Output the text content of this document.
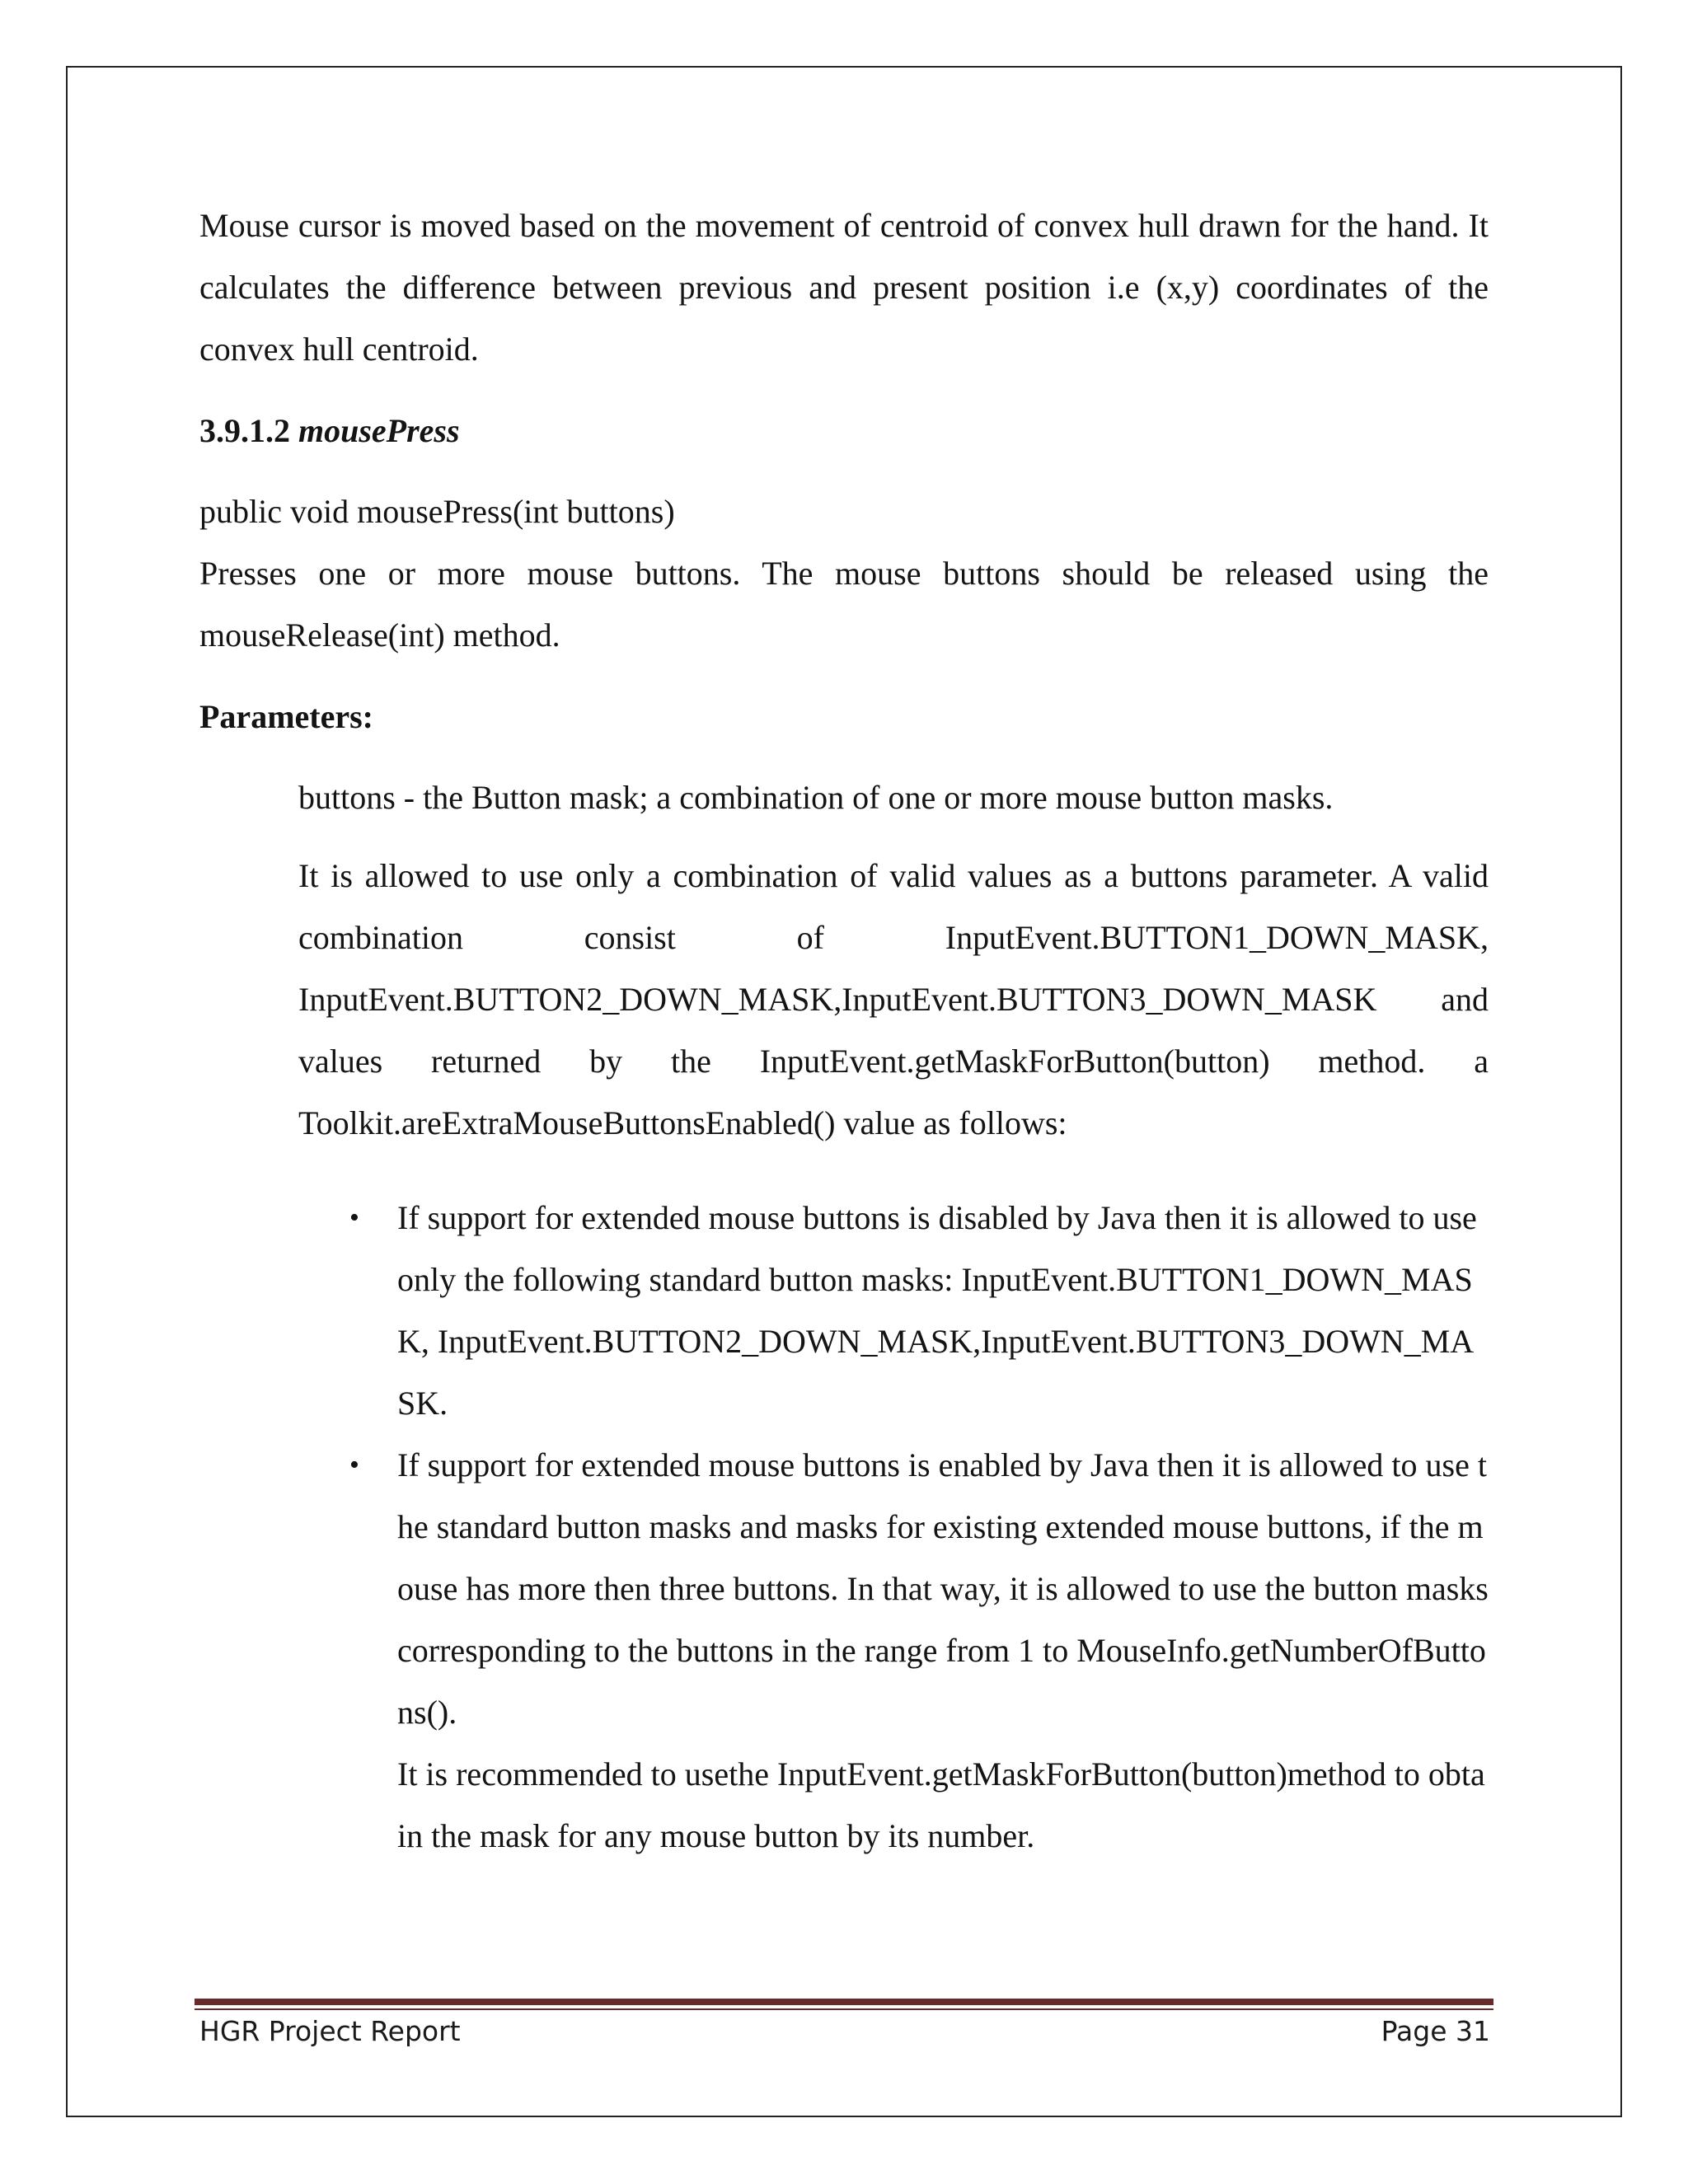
Mouse cursor is moved based on the movement of centroid of convex hull drawn for the hand. It calculates the difference between previous and present position i.e (x,y) coordinates of the convex hull centroid.

3.9.1.2 mousePress

public void mousePress(int buttons)

Presses one or more mouse buttons. The mouse buttons should be released using the mouseRelease(int) method.

Parameters:

buttons - the Button mask; a combination of one or more mouse button masks.

It is allowed to use only a combination of valid values as a buttons parameter. A valid combination consist of InputEvent.BUTTON1_DOWN_MASK, InputEvent.BUTTON2_DOWN_MASK,InputEvent.BUTTON3_DOWN_MASK and values returned by the InputEvent.getMaskForButton(button) method. a Toolkit.areExtraMouseButtonsEnabled() value as follows:

• If support for extended mouse buttons is disabled by Java then it is allowed to use only the following standard button masks: InputEvent.BUTTON1_DOWN_MASK, InputEvent.BUTTON2_DOWN_MASK,InputEvent.BUTTON3_DOWN_MASK.
• If support for extended mouse buttons is enabled by Java then it is allowed to use the standard button masks and masks for existing extended mouse buttons, if the mouse has more then three buttons. In that way, it is allowed to use the button masks corresponding to the buttons in the range from 1 to MouseInfo.getNumberOfButtons().
It is recommended to usethe InputEvent.getMaskForButton(button)method to obtain the mask for any mouse button by its number.
HGR Project Report	Page 31
